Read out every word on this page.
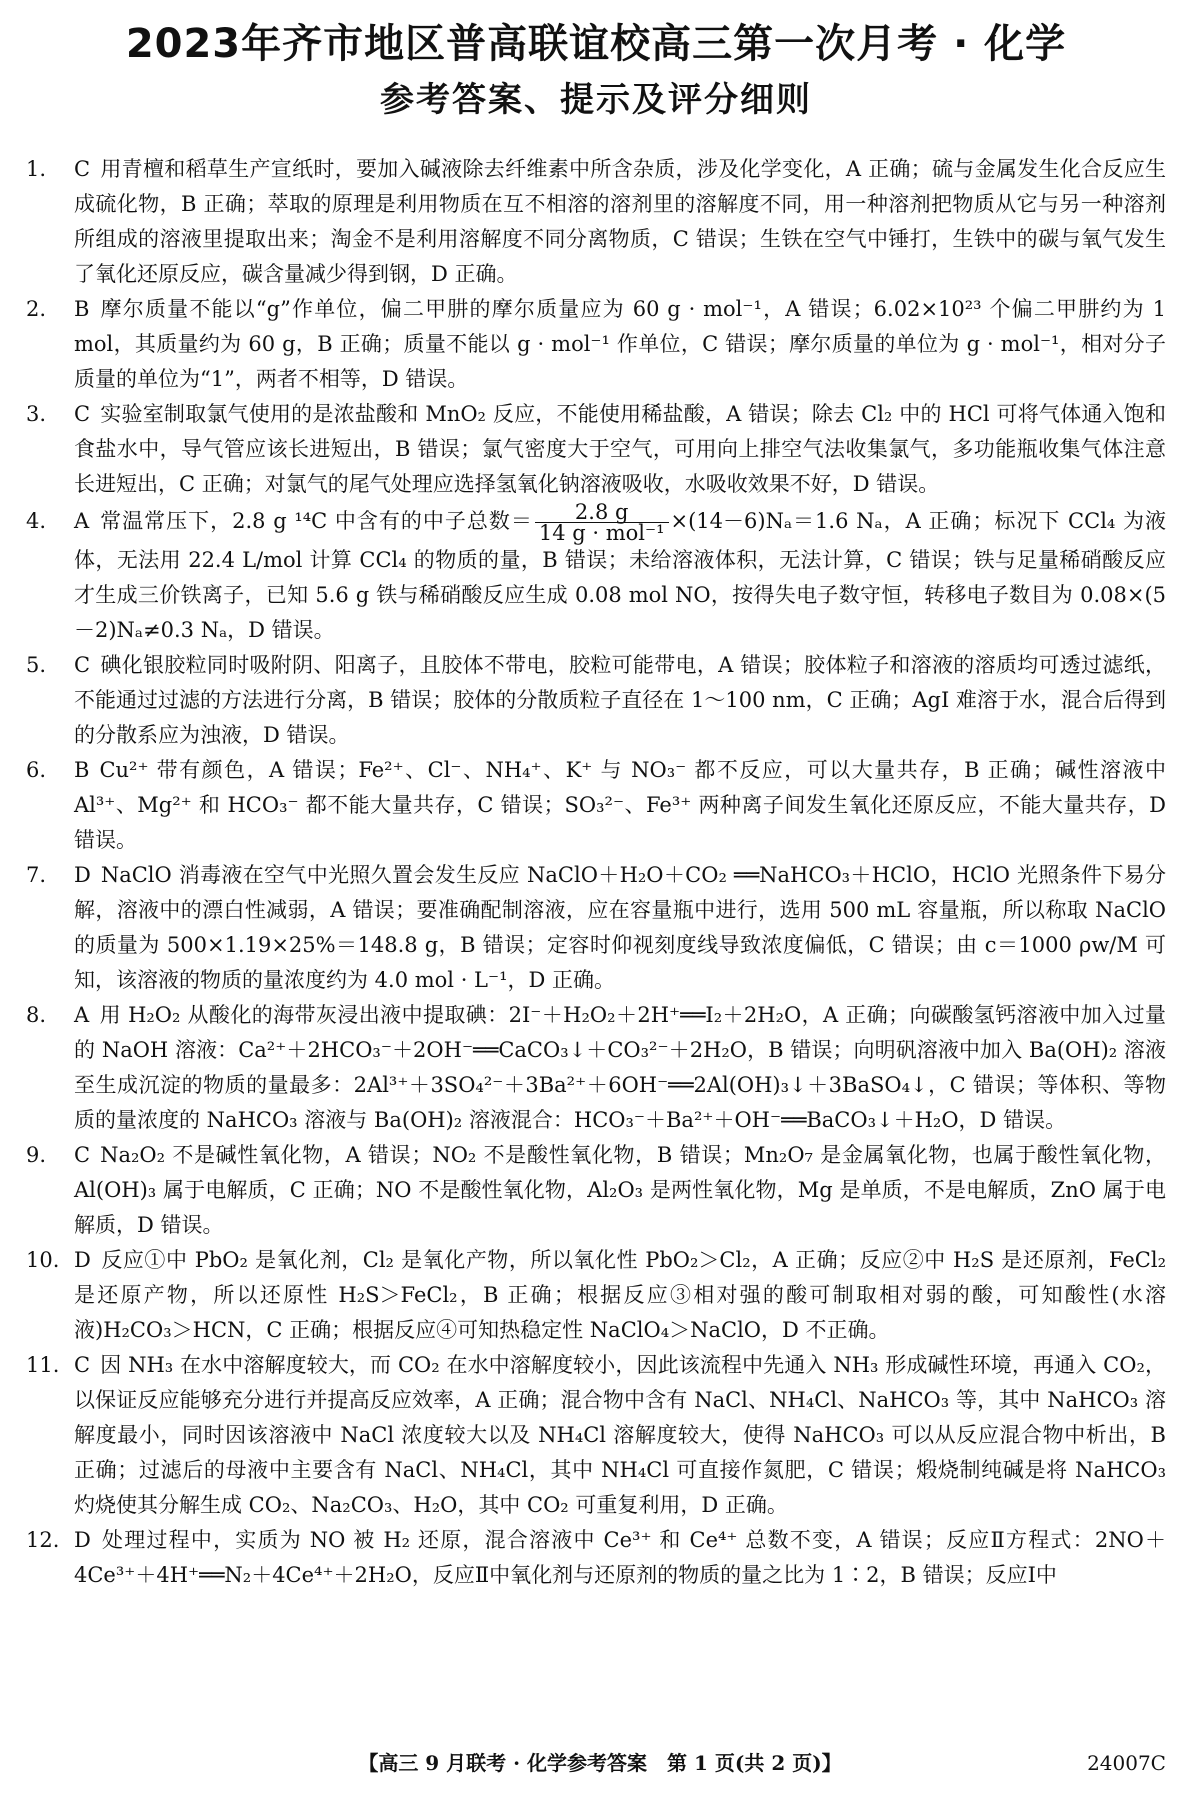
2023年齐市地区普高联谊校高三第一次月考 · 化学
参考答案、提示及评分细则

1. C 用青檀和稻草生产宣纸时，要加入碱液除去纤维素中所含杂质，涉及化学变化，A 正确；硫与金属发生化合反应生成硫化物，B 正确；萃取的原理是利用物质在互不相溶的溶剂里的溶解度不同，用一种溶剂把物质从它与另一种溶剂所组成的溶液里提取出来；淘金不是利用溶解度不同分离物质，C 错误；生铁在空气中锤打，生铁中的碳与氧气发生了氧化还原反应，碳含量减少得到钢，D 正确。

2. B 摩尔质量不能以“g”作单位，偏二甲肼的摩尔质量应为 60 g · mol⁻¹，A 错误；6.02×10²³ 个偏二甲肼约为 1 mol，其质量约为 60 g，B 正确；质量不能以 g · mol⁻¹ 作单位，C 错误；摩尔质量的单位为 g · mol⁻¹，相对分子质量的单位为“1”，两者不相等，D 错误。

3. C 实验室制取氯气使用的是浓盐酸和 MnO₂ 反应，不能使用稀盐酸，A 错误；除去 Cl₂ 中的 HCl 可将气体通入饱和食盐水中，导气管应该长进短出，B 错误；氯气密度大于空气，可用向上排空气法收集氯气，多功能瓶收集气体注意长进短出，C 正确；对氯气的尾气处理应选择氢氧化钠溶液吸收，水吸收效果不好，D 错误。

4. A 常温常压下，2.8 g ¹⁴C 中含有的中子总数＝ $\frac{2.8 g}{\text{14 g · mol⁻¹}} \times(14-6)N_a=1.6$ Nₐ，A 正确；标况下 CCl₄ 为液体，无法用 22.4 L/mol 计算 CCl₄ 的物质的量，B 错误；未给溶液体积，无法计算，C 错误；铁与足量稀硝酸反应才生成三价铁离子，已知 5.6 g 铁与稀硝酸反应生成 0.08 mol NO，按得失电子数守恒，转移电子数目为 0.08×(5－2)Nₐ≠0.3 Nₐ，D 错误。

5. C 碘化银胶粒同时吸附阴、阳离子，且胶体不带电，胶粒可能带电，A 错误；胶体粒子和溶液的溶质均可透过滤纸，不能通过过滤的方法进行分离，B 错误；胶体的分散质粒子直径在 1～100 nm，C 正确；AgI 难溶于水，混合后得到的分散系应为浊液，D 错误。

6. B Cu²⁺ 带有颜色，A 错误；Fe²⁺、Cl⁻、NH₄⁺、K⁺ 与 NO₃⁻ 都不反应，可以大量共存，B 正确；碱性溶液中 Al³⁺、Mg²⁺ 和 HCO₃⁻ 都不能大量共存，C 错误；SO₃²⁻、Fe³⁺ 两种离子间发生氧化还原反应，不能大量共存，D 错误。

7. D NaClO 消毒液在空气中光照久置会发生反应 NaClO＋H₂O＋CO₂ ══NaHCO₃＋HClO，HClO 光照条件下易分解，溶液中的漂白性减弱，A 错误；要准确配制溶液，应在容量瓶中进行，选用 500 mL 容量瓶，所以称取 NaClO 的质量为 500×1.19×25%＝148.8 g，B 错误；定容时仰视刻度线导致浓度偏低，C 错误；由 c＝1000 ρw/M 可知，该溶液的物质的量浓度约为 4.0 mol · L⁻¹，D 正确。

8. A 用 H₂O₂ 从酸化的海带灰浸出液中提取碘：2I⁻＋H₂O₂＋2H⁺══I₂＋2H₂O，A 正确；向碳酸氢钙溶液中加入过量的 NaOH 溶液：Ca²⁺＋2HCO₃⁻＋2OH⁻══CaCO₃↓＋CO₃²⁻＋2H₂O，B 错误；向明矾溶液中加入 Ba(OH)₂ 溶液至生成沉淀的物质的量最多：2Al³⁺＋3SO₄²⁻＋3Ba²⁺＋6OH⁻══2Al(OH)₃↓＋3BaSO₄↓，C 错误；等体积、等物质的量浓度的 NaHCO₃ 溶液与 Ba(OH)₂ 溶液混合：HCO₃⁻＋Ba²⁺＋OH⁻══BaCO₃↓＋H₂O，D 错误。

9. C Na₂O₂ 不是碱性氧化物，A 错误；NO₂ 不是酸性氧化物，B 错误；Mn₂O₇ 是金属氧化物，也属于酸性氧化物，Al(OH)₃ 属于电解质，C 正确；NO 不是酸性氧化物，Al₂O₃ 是两性氧化物，Mg 是单质，不是电解质，ZnO 属于电解质，D 错误。

10. D 反应①中 PbO₂ 是氧化剂，Cl₂ 是氧化产物，所以氧化性 PbO₂＞Cl₂，A 正确；反应②中 H₂S 是还原剂，FeCl₂ 是还原产物，所以还原性 H₂S＞FeCl₂，B 正确；根据反应③相对强的酸可制取相对弱的酸，可知酸性(水溶液)H₂CO₃＞HCN，C 正确；根据反应④可知热稳定性 NaClO₄＞NaClO，D 不正确。

11. C 因 NH₃ 在水中溶解度较大，而 CO₂ 在水中溶解度较小，因此该流程中先通入 NH₃ 形成碱性环境，再通入 CO₂，以保证反应能够充分进行并提高反应效率，A 正确；混合物中含有 NaCl、NH₄Cl、NaHCO₃ 等，其中 NaHCO₃ 溶解度最小，同时因该溶液中 NaCl 浓度较大以及 NH₄Cl 溶解度较大，使得 NaHCO₃ 可以从反应混合物中析出，B 正确；过滤后的母液中主要含有 NaCl、NH₄Cl，其中 NH₄Cl 可直接作氮肥，C 错误；煅烧制纯碱是将 NaHCO₃ 灼烧使其分解生成 CO₂、Na₂CO₃、H₂O，其中 CO₂ 可重复利用，D 正确。

12. D 处理过程中，实质为 NO 被 H₂ 还原，混合溶液中 Ce³⁺ 和 Ce⁴⁺ 总数不变，A 错误；反应Ⅱ方程式：2NO＋4Ce³⁺＋4H⁺══N₂＋4Ce⁴⁺＋2H₂O，反应Ⅱ中氧化剂与还原剂的物质的量之比为 1∶2，B 错误；反应Ⅰ中

【高三 9 月联考 · 化学参考答案　第 1 页(共 2 页)】	24007C
